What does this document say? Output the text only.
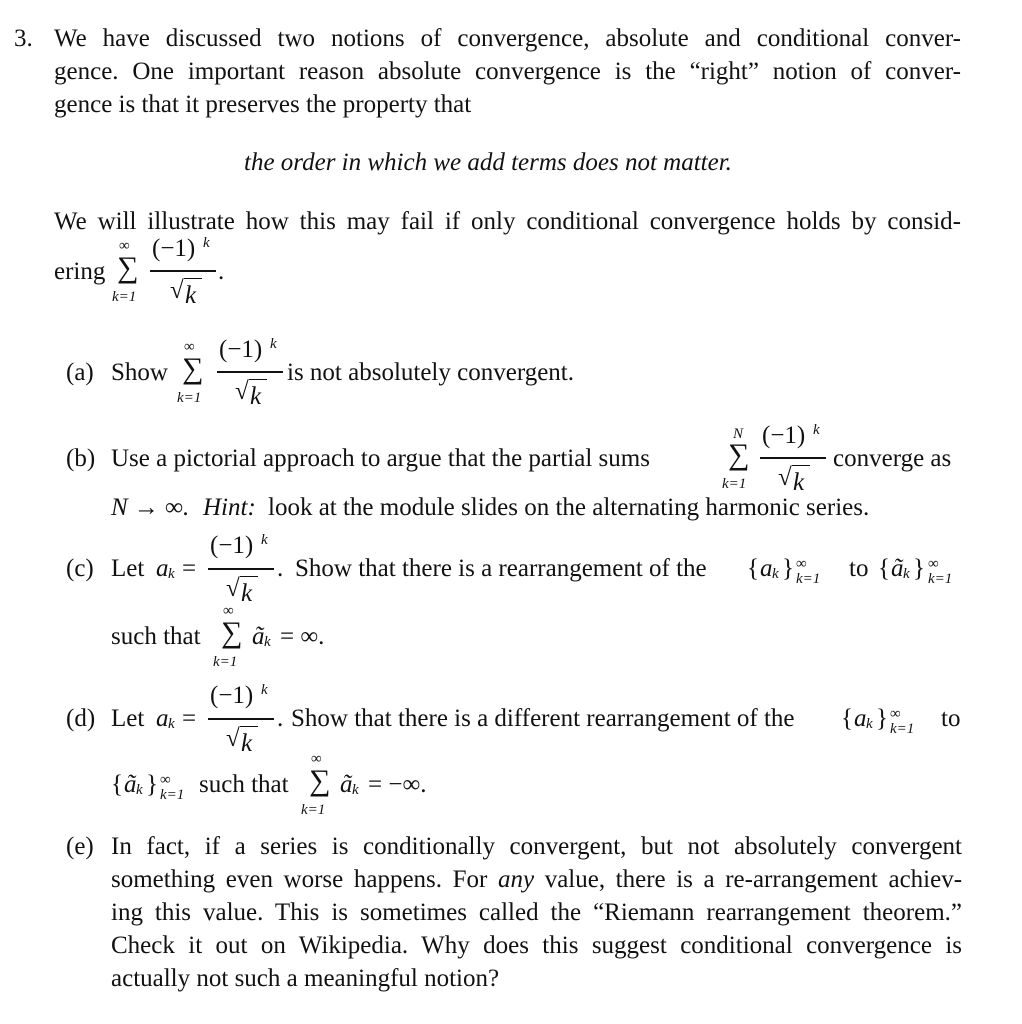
3. We have discussed two notions of convergence, absolute and conditional conver-
gence. One important reason absolute convergence is the “right” notion of conver-
gence is that it preserves the property that
the order in which we add terms does not matter.
We will illustrate how this may fail if only conditional convergence holds by consid-
ering
∞
∑
k=1
(−1) k
√ k
.
(a) Show
∞
∑
k=1
(−1) k
√ k
is not absolutely convergent.
(b) Use a pictorial approach to argue that the partial sums
N
∑
k=1
(−1) k
√ k
converge as
N → ∞. Hint: look at the module slides on the alternating harmonic series.
(c) Let a k =
(−1) k
√ k
. Show that there is a rearrangement of the { a k } ∞
k=1 to { ã k } ∞
k=1
such that
∞
∑
k=1
ã k = ∞.
(d) Let a k =
(−1) k
√ k
. Show that there is a different rearrangement of the { a k } ∞
k=1 to
{ ã k } ∞
k=1 such that
∞
∑
k=1
ã k = −∞.
(e) In fact, if a series is conditionally convergent, but not absolutely convergent
something even worse happens. For any value, there is a re-arrangement achiev-
ing this value. This is sometimes called the “Riemann rearrangement theorem.”
Check it out on Wikipedia. Why does this suggest conditional convergence is
actually not such a meaningful notion?
